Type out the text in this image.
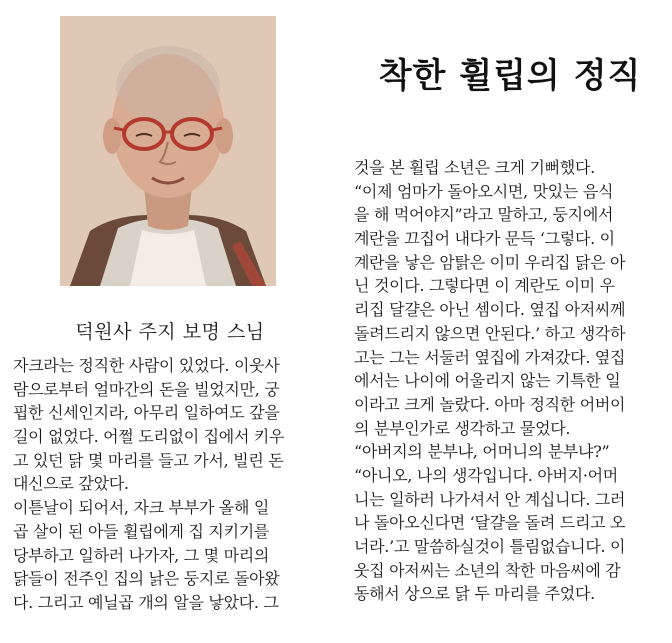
덕원사 주지 보명 스님
착한 휠립의 정직
자크라는 정직한 사람이 있었다. 이웃사
람으로부터 얼마간의 돈을 빌었지만, 궁
핍한 신세인지라, 아무리 일하여도 갚을
길이 없었다. 어쩔 도리없이 집에서 키우
고 있던 닭 몇 마리를 들고 가서, 빌린 돈
대신으로 갚았다.
이튿날이 되어서, 자크 부부가 올해 일
곱 살이 된 아들 휠립에게 집 지키기를
당부하고 일하러 나가자, 그 몇 마리의
닭들이 전주인 집의 낡은 둥지로 돌아왔
다. 그리고 예닐곱 개의 알을 낳았다. 그
것을 본 휠립 소년은 크게 기뻐했다.
“이제 엄마가 돌아오시면, 맛있는 음식
을 해 먹어야지”라고 말하고, 둥지에서
계란을 끄집어 내다가 문득 ‘그렇다. 이
계란을 낳은 암탉은 이미 우리집 닭은 아
닌 것이다. 그렇다면 이 계란도 이미 우
리집 달걀은 아닌 셈이다. 옆집 아저씨께
돌려드리지 않으면 안된다.’ 하고 생각하
고는 그는 서둘러 옆집에 가져갔다. 옆집
에서는 나이에 어울리지 않는 기특한 일
이라고 크게 놀랐다. 아마 정직한 어버이
의 분부인가로 생각하고 물었다.
“아버지의 분부냐, 어머니의 분부냐?”
“아니오, 나의 생각입니다. 아버지·어머
니는 일하러 나가셔서 안 계십니다. 그러
나 돌아오신다면 ‘달걀을 돌려 드리고 오
너라.’고 말씀하실것이 틀림없습니다. 이
웃집 아저씨는 소년의 착한 마음씨에 감
동해서 상으로 닭 두 마리를 주었다.
